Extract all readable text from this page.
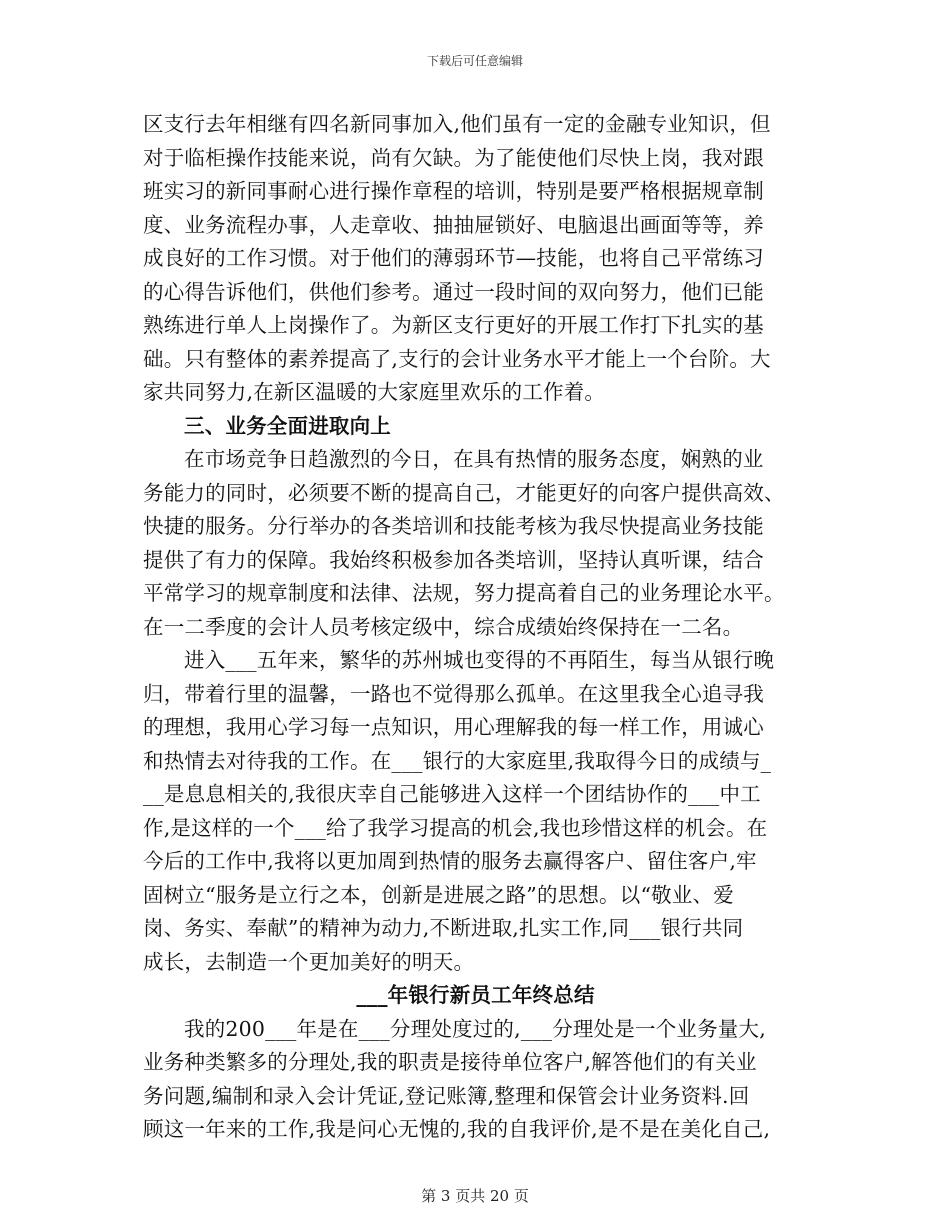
下载后可任意编辑
区支行去年相继有四名新同事加入,他们虽有一定的金融专业知识，但
对于临柜操作技能来说，尚有欠缺。为了能使他们尽快上岗，我对跟
班实习的新同事耐心进行操作章程的培训，特别是要严格根据规章制
度、业务流程办事，人走章收、抽抽屉锁好、电脑退出画面等等，养
成良好的工作习惯。对于他们的薄弱环节—技能，也将自己平常练习
的心得告诉他们，供他们参考。通过一段时间的双向努力，他们已能
熟练进行单人上岗操作了。为新区支行更好的开展工作打下扎实的基
础。只有整体的素养提高了,支行的会计业务水平才能上一个台阶。大
家共同努力,在新区温暖的大家庭里欢乐的工作着。
三、业务全面进取向上
在市场竞争日趋激烈的今日，在具有热情的服务态度，娴熟的业
务能力的同时，必须要不断的提高自己，才能更好的向客户提供高效、
快捷的服务。分行举办的各类培训和技能考核为我尽快提高业务技能
提供了有力的保障。我始终积极参加各类培训，坚持认真听课，结合
平常学习的规章制度和法律、法规，努力提高着自己的业务理论水平。
在一二季度的会计人员考核定级中，综合成绩始终保持在一二名。
进入___五年来，繁华的苏州城也变得的不再陌生，每当从银行晚
归，带着行里的温馨，一路也不觉得那么孤单。在这里我全心追寻我
的理想，我用心学习每一点知识，用心理解我的每一样工作，用诚心
和热情去对待我的工作。在___银行的大家庭里,我取得今日的成绩与_
__是息息相关的,我很庆幸自己能够进入这样一个团结协作的___中工
作,是这样的一个___给了我学习提高的机会,我也珍惜这样的机会。在
今后的工作中,我将以更加周到热情的服务去赢得客户、留住客户,牢
固树立“服务是立行之本，创新是进展之路”的思想。以“敬业、爱
岗、务实、奉献”的精神为动力,不断进取,扎实工作,同___银行共同
成长，去制造一个更加美好的明天。
___年银行新员工年终总结
我的200___年是在___分理处度过的,___分理处是一个业务量大,
业务种类繁多的分理处,我的职责是接待单位客户,解答他们的有关业
务问题,编制和录入会计凭证,登记账簿,整理和保管会计业务资料.回
顾这一年来的工作,我是问心无愧的,我的自我评价,是不是在美化自己,
第 3 页共 20 页
